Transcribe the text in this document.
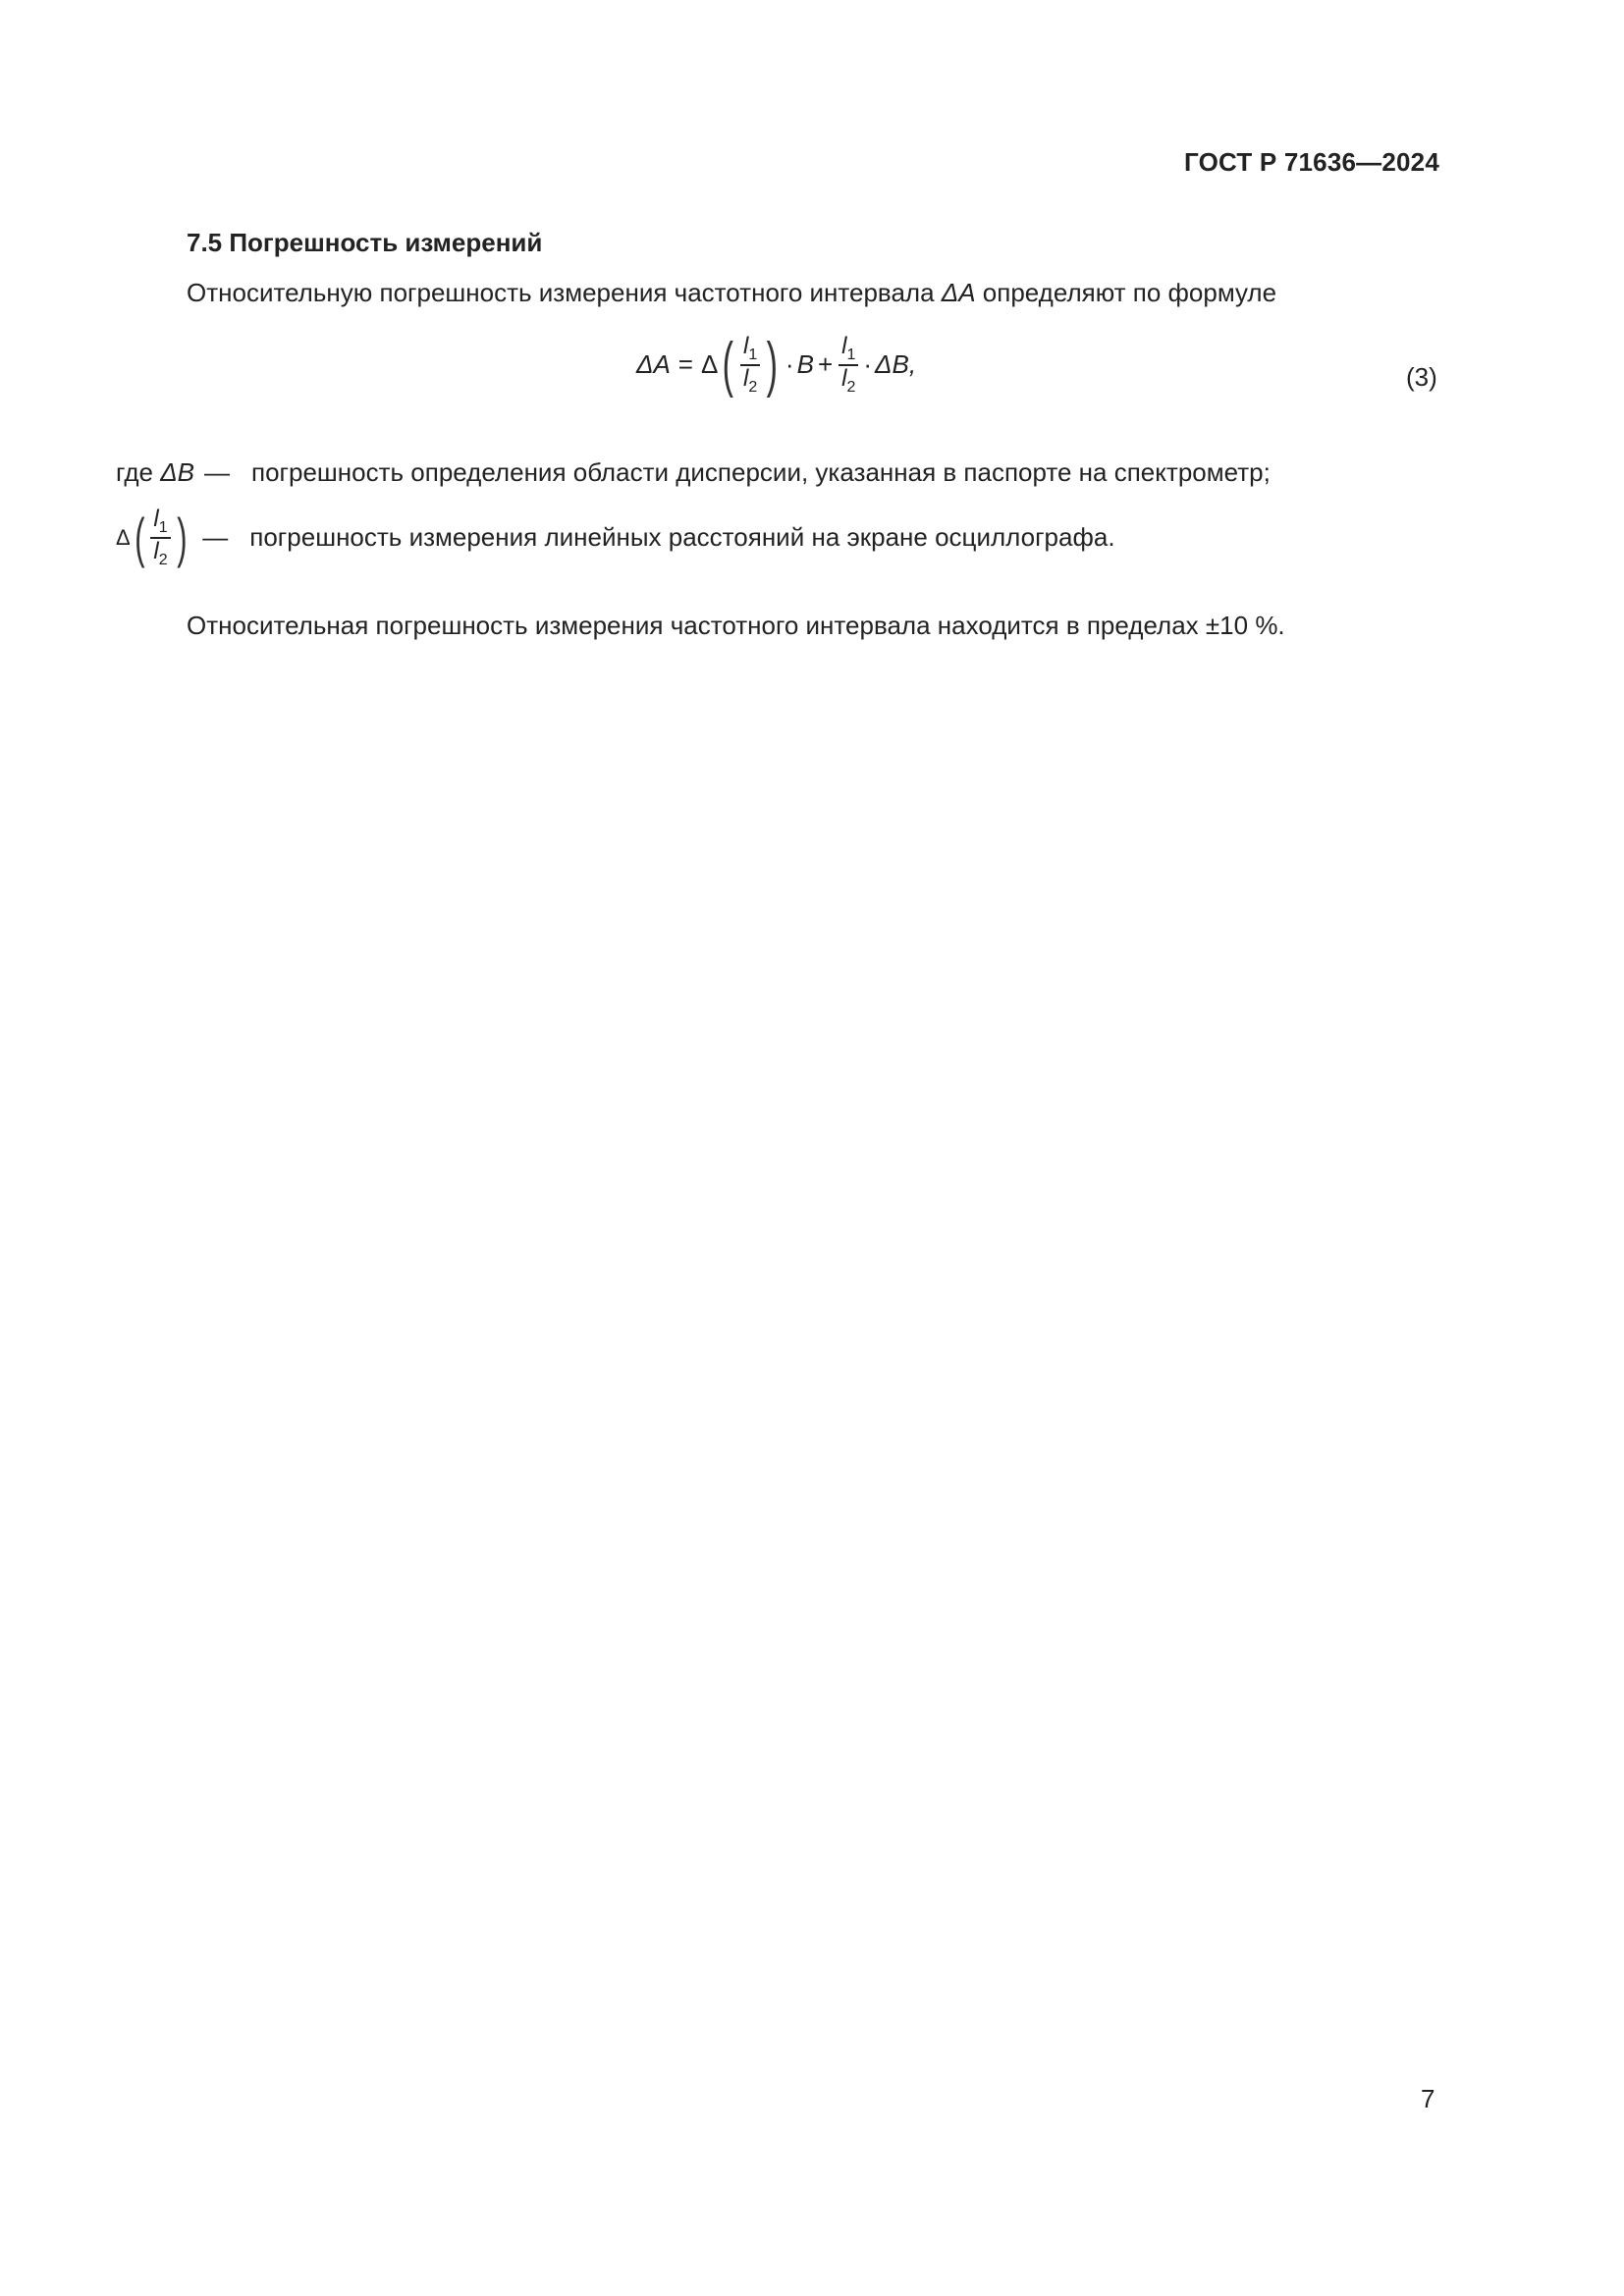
ГОСТ Р 71636—2024
7.5 Погрешность измерений
Относительную погрешность измерения частотного интервала ΔA определяют по формуле
ΔA = Δ ( $\frac{l_1}{l_2}$ ) · $B + \frac{l_1}{l_2} \cdot \Delta B$,	(3)
где
ΔB — погрешность определения области дисперсии, указанная в паспорте на спектрометр;
Δ ( $\frac{l_1}{l_2}$ ) — погрешность измерения линейных расстояний на экране осциллографа.
Относительная погрешность измерения частотного интервала находится в пределах ±10 %.
7
